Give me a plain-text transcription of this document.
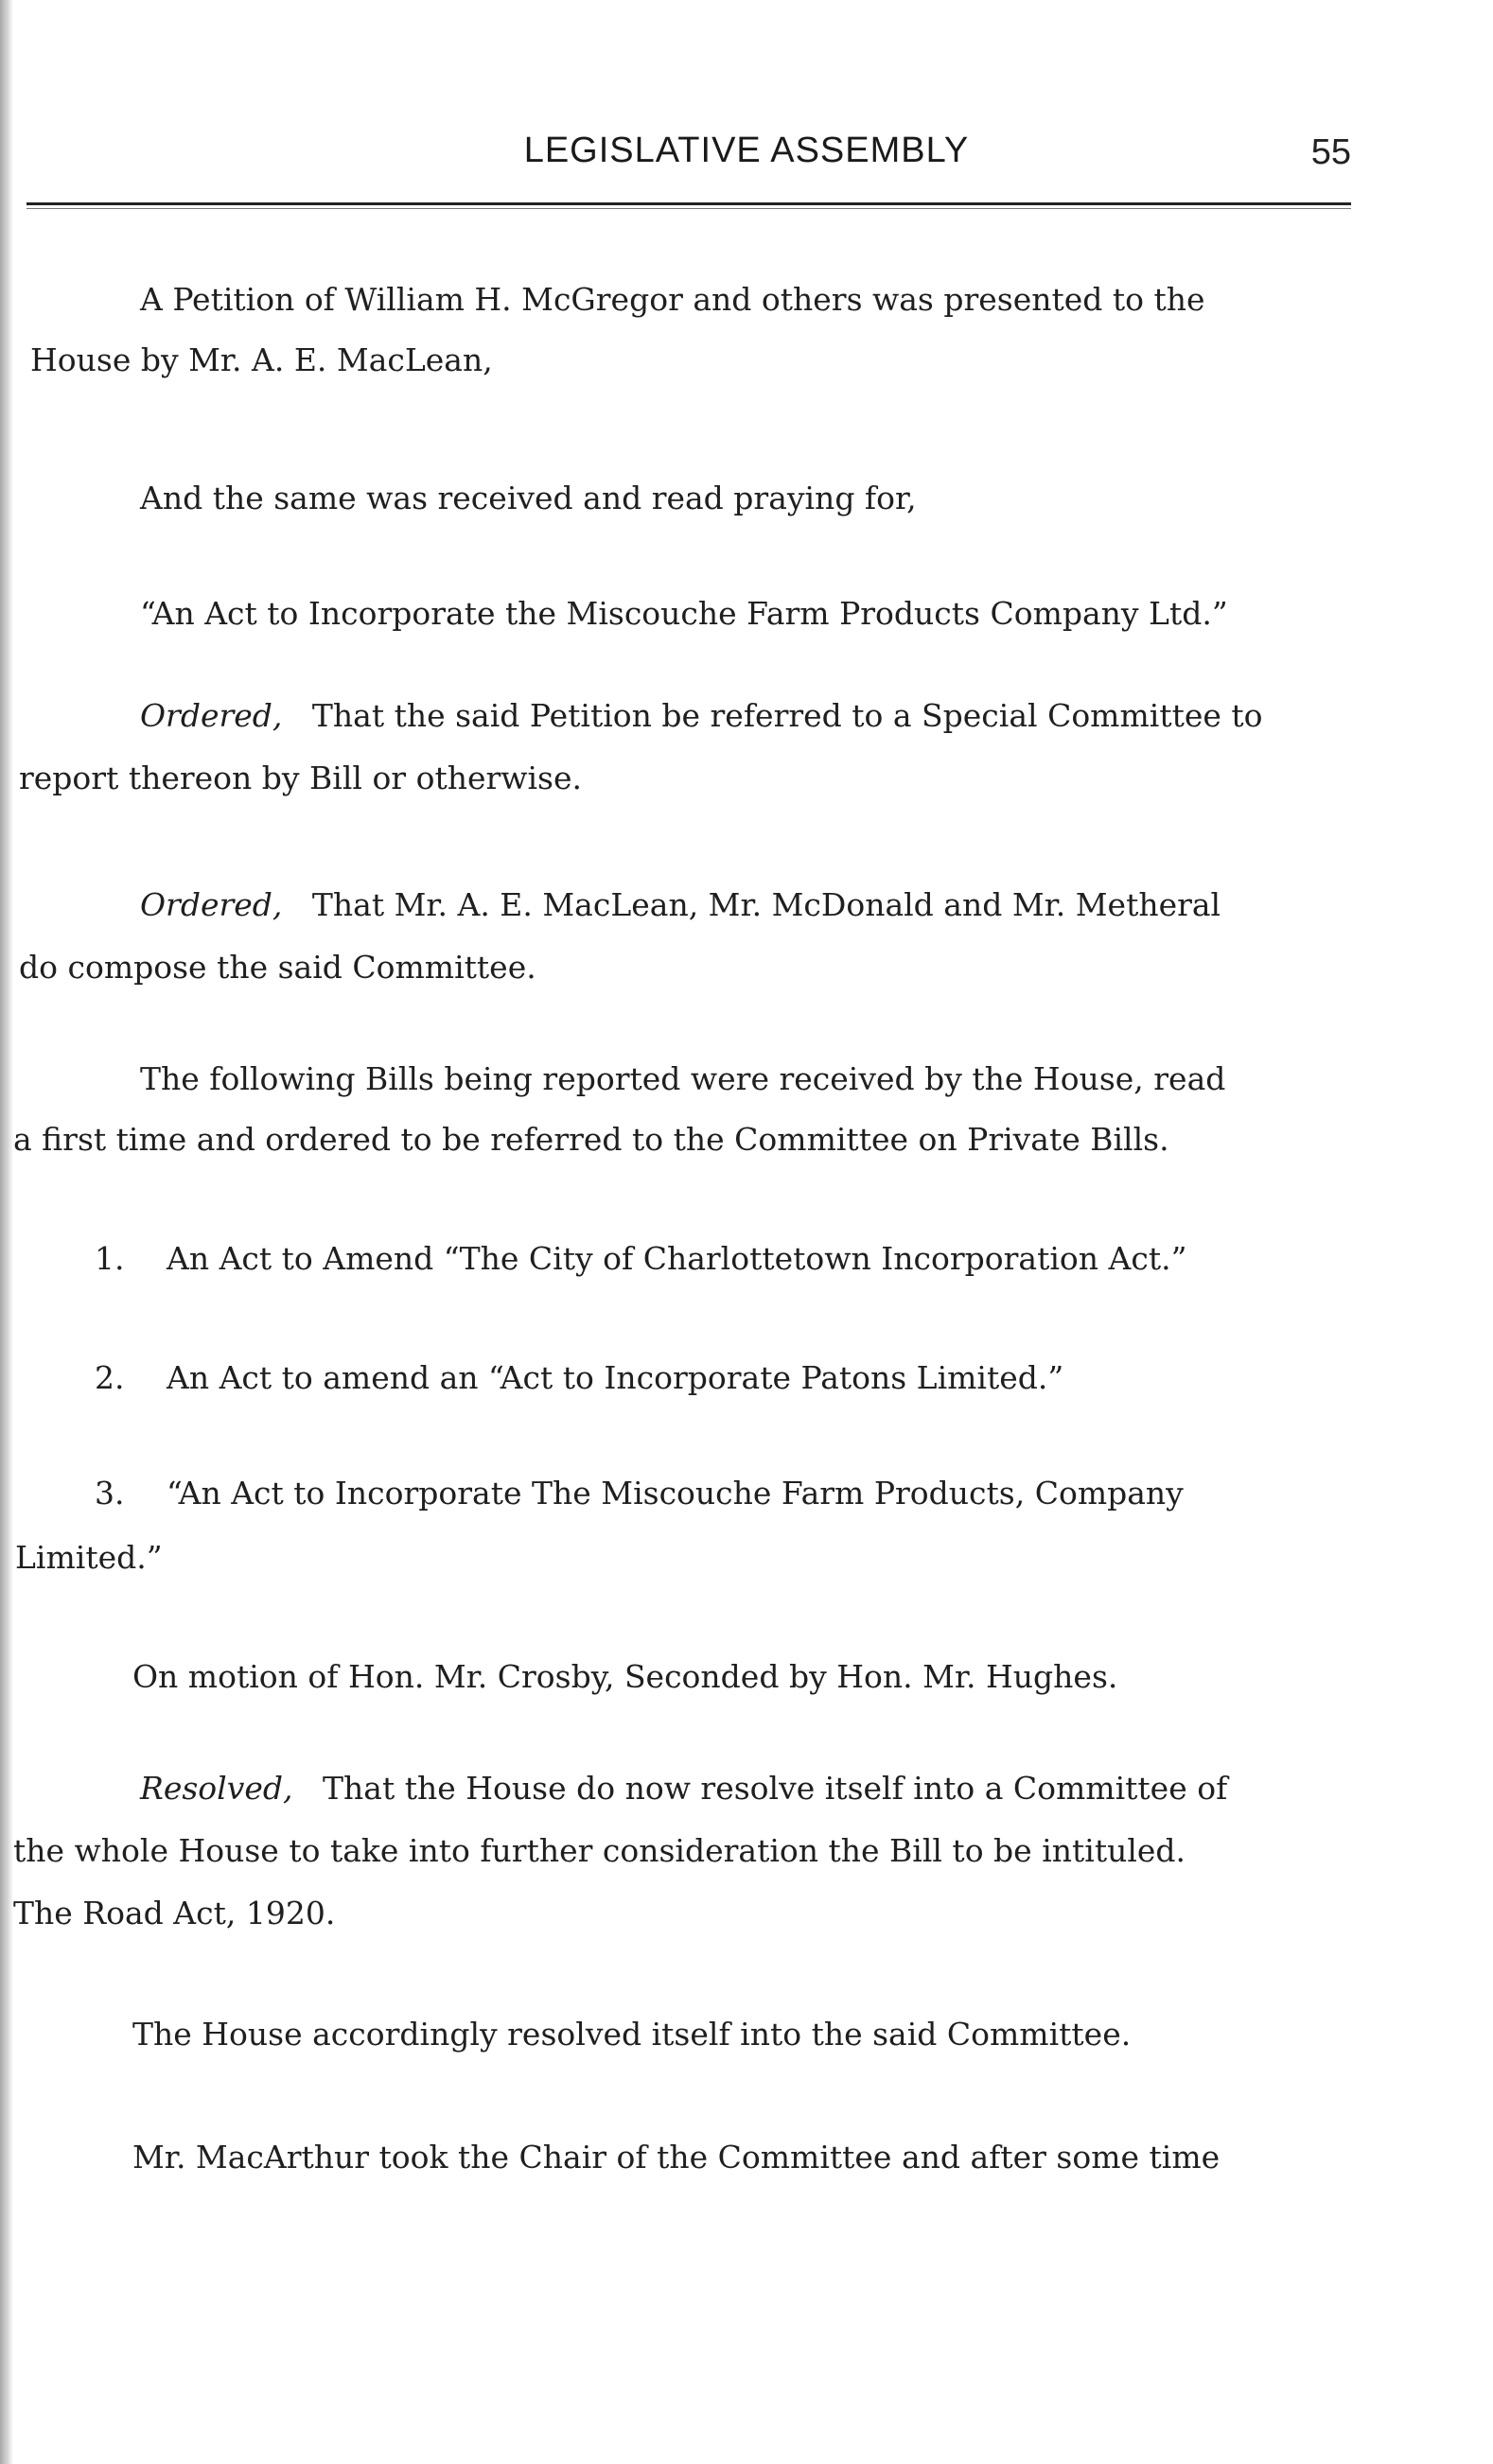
LEGISLATIVE ASSEMBLY	55
A Petition of William H. McGregor and others was presented to the
House by Mr. A. E. MacLean,
And the same was received and read praying for,
“An Act to Incorporate the Miscouche Farm Products Company Ltd.”
Ordered, That the said Petition be referred to a Special Committee to
report thereon by Bill or otherwise.
Ordered, That Mr. A. E. MacLean, Mr. McDonald and Mr. Metheral
do compose the said Committee.
The following Bills being reported were received by the House, read
a first time and ordered to be referred to the Committee on Private Bills.
1. An Act to Amend “The City of Charlottetown Incorporation Act.”
2. An Act to amend an “Act to Incorporate Patons Limited.”
3. “An Act to Incorporate The Miscouche Farm Products, Company
Limited.”
On motion of Hon. Mr. Crosby, Seconded by Hon. Mr. Hughes.
Resolved, That the House do now resolve itself into a Committee of
the whole House to take into further consideration the Bill to be intituled.
The Road Act, 1920.
The House accordingly resolved itself into the said Committee.
Mr. MacArthur took the Chair of the Committee and after some time
